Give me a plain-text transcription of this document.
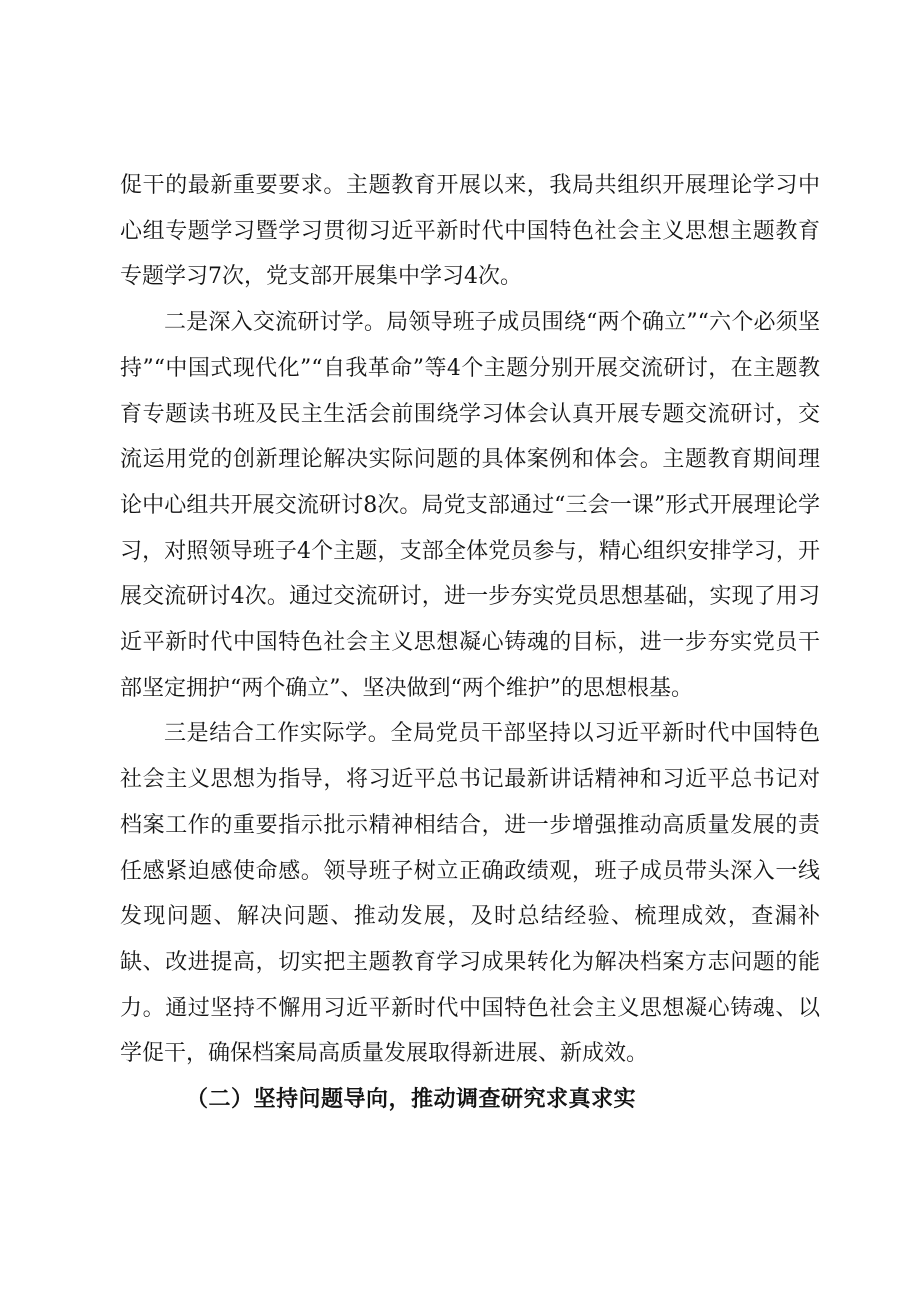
促干的最新重要要求。主题教育开展以来，我局共组织开展理论学习中心组专题学习暨学习贯彻习近平新时代中国特色社会主义思想主题教育专题学习7次，党支部开展集中学习4次。

二是深入交流研讨学。局领导班子成员围绕“两个确立”“六个必须坚持”“中国式现代化”“自我革命”等4个主题分别开展交流研讨，在主题教育专题读书班及民主生活会前围绕学习体会认真开展专题交流研讨，交流运用党的创新理论解决实际问题的具体案例和体会。主题教育期间理论中心组共开展交流研讨8次。局党支部通过“三会一课”形式开展理论学习，对照领导班子4个主题，支部全体党员参与，精心组织安排学习，开展交流研讨4次。通过交流研讨，进一步夯实党员思想基础，实现了用习近平新时代中国特色社会主义思想凝心铸魂的目标，进一步夯实党员干部坚定拥护“两个确立”、坚决做到“两个维护”的思想根基。

三是结合工作实际学。全局党员干部坚持以习近平新时代中国特色社会主义思想为指导，将习近平总书记最新讲话精神和习近平总书记对档案工作的重要指示批示精神相结合，进一步增强推动高质量发展的责任感紧迫感使命感。领导班子树立正确政绩观，班子成员带头深入一线发现问题、解决问题、推动发展，及时总结经验、梳理成效，查漏补缺、改进提高，切实把主题教育学习成果转化为解决档案方志问题的能力。通过坚持不懈用习近平新时代中国特色社会主义思想凝心铸魂、以学促干，确保档案局高质量发展取得新进展、新成效。

（二）坚持问题导向，推动调查研究求真求实
